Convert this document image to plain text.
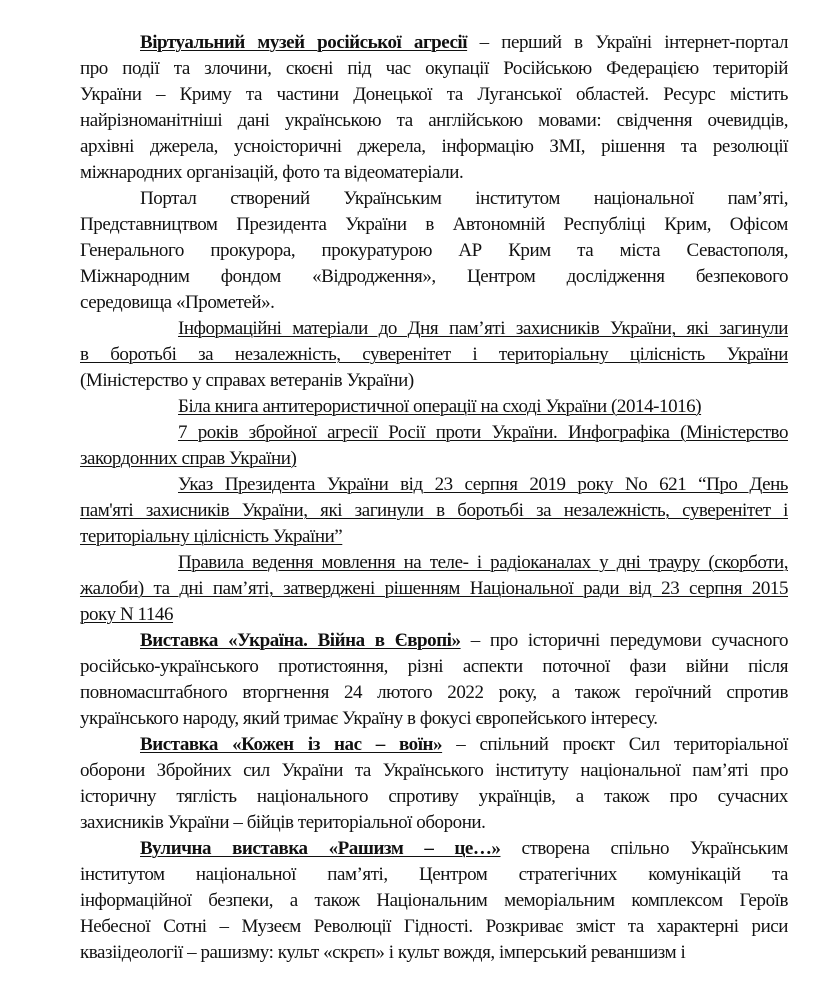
Віртуальний музей російської агресії – перший в Україні інтернет-портал
про події та злочини, скоєні під час окупації Російською Федерацією територій
України – Криму та частини Донецької та Луганської областей. Ресурс містить
найрізноманітніші дані українською та англійською мовами: свідчення очевидців,
архівні джерела, усноісторичні джерела, інформацію ЗМІ, рішення та резолюції
міжнародних організацій, фото та відеоматеріали.
Портал створений Українським інститутом національної пам’яті,
Представництвом Президента України в Автономній Республіці Крим, Офісом
Генерального прокурора, прокуратурою АР Крим та міста Севастополя,
Міжнародним фондом «Відродження», Центром дослідження безпекового
середовища «Прометей».
Інформаційні матеріали до Дня пам’яті захисників України, які загинули
в боротьбі за незалежність, суверенітет і територіальну цілісність України
(Міністерство у справах ветеранів України)
Біла книга антитерористичної операції на сході України (2014-1016)
7 років збройної агресії Росії проти України. Инфографіка (Міністерство
закордонних справ України)
Указ Президента України від 23 серпня 2019 року No 621 “Про День
пам'яті захисників України, які загинули в боротьбі за незалежність, суверенітет і
територіальну цілісність України”
Правила ведення мовлення на теле- і радіоканалах у дні трауру (скорботи,
жалоби) та дні пам’яті, затверджені рішенням Національної ради від 23 серпня 2015
року N 1146
Виставка «Україна. Війна в Європі» – про історичні передумови сучасного
російсько-українського протистояння, різні аспекти поточної фази війни після
повномасштабного вторгнення 24 лютого 2022 року, а також героїчний спротив
українського народу, який тримає Україну в фокусі європейського інтересу.
Виставка «Кожен із нас – воїн» – спільний проєкт Сил територіальної
оборони Збройних сил України та Українського інституту національної пам’яті про
історичну тяглість національного спротиву українців, а також про сучасних
захисників України – бійців територіальної оборони.
Вулична виставка «Рашизм – це…» створена спільно Українським
інститутом національної пам’яті, Центром стратегічних комунікацій та
інформаційної безпеки, а також Національним меморіальним комплексом Героїв
Небесної Сотні – Музеєм Революції Гідності. Розкриває зміст та характерні риси
квазіідеології – рашизму: культ «скрєп» і культ вождя, імперський реваншизм і
